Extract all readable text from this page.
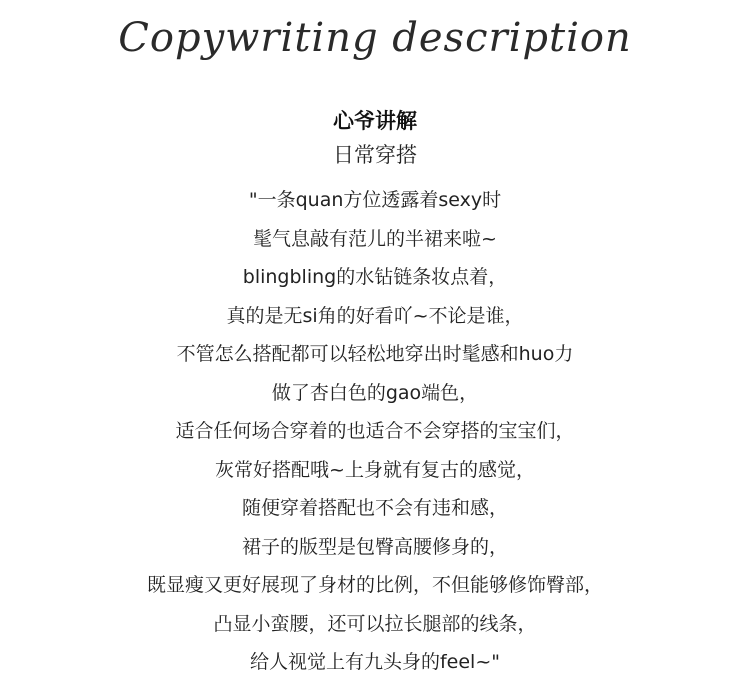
Copywriting description
心爷讲解
日常穿搭
"一条quan方位透露着sexy时
髦气息敲有范儿的半裙来啦~
blingbling的水钻链条妆点着，
真的是无si角的好看吖~不论是谁，
不管怎么搭配都可以轻松地穿出时髦感和huo力
做了杏白色的gao端色，
适合任何场合穿着的也适合不会穿搭的宝宝们，
灰常好搭配哦~上身就有复古的感觉，
随便穿着搭配也不会有违和感，
裙子的版型是包臀高腰修身的，
既显瘦又更好展现了身材的比例，不但能够修饰臀部，
凸显小蛮腰，还可以拉长腿部的线条，
给人视觉上有九头身的feel~"
